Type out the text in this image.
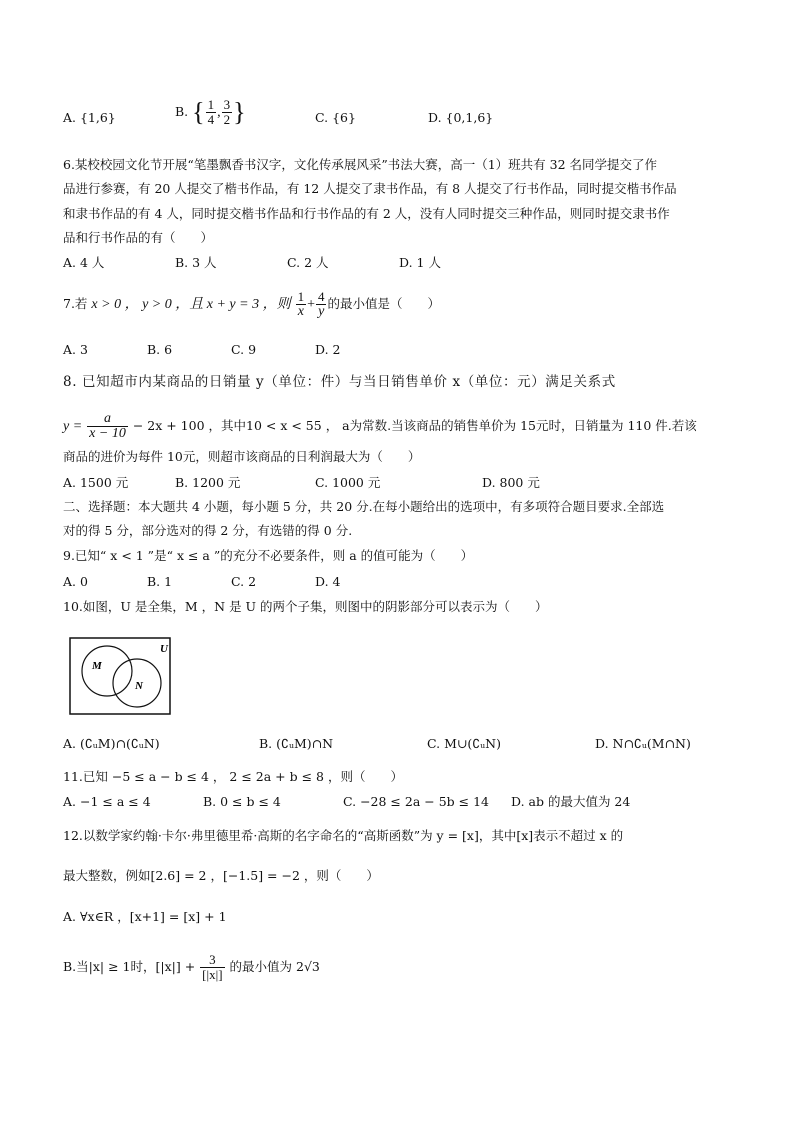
A. {1,6}	B. { $\frac{1}{4}$ , $\frac{3}{2}$ }	C. {6}	D. {0,1,6}
6.某校校园文化节开展“笔墨飘香书汉字，文化传承展风采”书法大赛，高一（1）班共有 32 名同学提交了作
品进行参赛，有 20 人提交了楷书作品，有 12 人提交了隶书作品，有 8 人提交了行书作品，同时提交楷书作品
和隶书作品的有 4 人，同时提交楷书作品和行书作品的有 2 人，没有人同时提交三种作品，则同时提交隶书作
品和行书作品的有（　　）
A. 4 人	B. 3 人	C. 2 人	D. 1 人
7.若 x > 0 ， y > 0 ，且 x + y = 3 ，则 $\frac{1}{x} + \frac{4}{y}$ 的最小值是（　　）
A. 3	B. 6	C. 9	D. 2
8. 已知超市内某商品的日销量 y（单位：件）与当日销售单价 x（单位：元）满足关系式
$y = \frac{a}{x - 10} - 2x + 100$ ，其中10 < x < 55 ， a为常数.当该商品的销售单价为 15元时，日销量为 110 件.若该
商品的进价为每件 10元，则超市该商品的日利润最大为（　　）
A. 1500 元	B. 1200 元	C. 1000 元	D. 800 元
二、选择题：本大题共 4 小题，每小题 5 分，共 20 分.在每小题给出的选项中，有多项符合题目要求.全部选
对的得 5 分，部分选对的得 2 分，有选错的得 0 分.
9.已知“ x < 1 ”是“ x ≤ a ”的充分不必要条件，则 a 的值可能为（　　）
A. 0	B. 1	C. 2	D. 4
10.如图，U 是全集，M ，N 是 U 的两个子集，则图中的阴影部分可以表示为（　　）
U
M
N
A. (∁ᵤM)∩(∁ᵤN)	B. (∁ᵤM)∩N	C. M∪(∁ᵤN)	D. N∩∁ᵤ(M∩N)
11.已知 −5 ≤ a − b ≤ 4 ， 2 ≤ 2a + b ≤ 8 ，则（　　）
A. −1 ≤ a ≤ 4	B. 0 ≤ b ≤ 4	C. −28 ≤ 2a − 5b ≤ 14 D. ab 的最大值为 24
12.以数学家约翰·卡尔·弗里德里希·高斯的名字命名的“高斯函数”为 y = [x]，其中[x]表示不超过 x 的
最大整数，例如[2.6] = 2 ，[−1.5] = −2 ，则（　　）
A. ∀x∈R ，[x+1] = [x] + 1
B.当|x| ≥ 1时，$[|x|] + \frac{3}{[|x|]}$ 的最小值为 2√3
